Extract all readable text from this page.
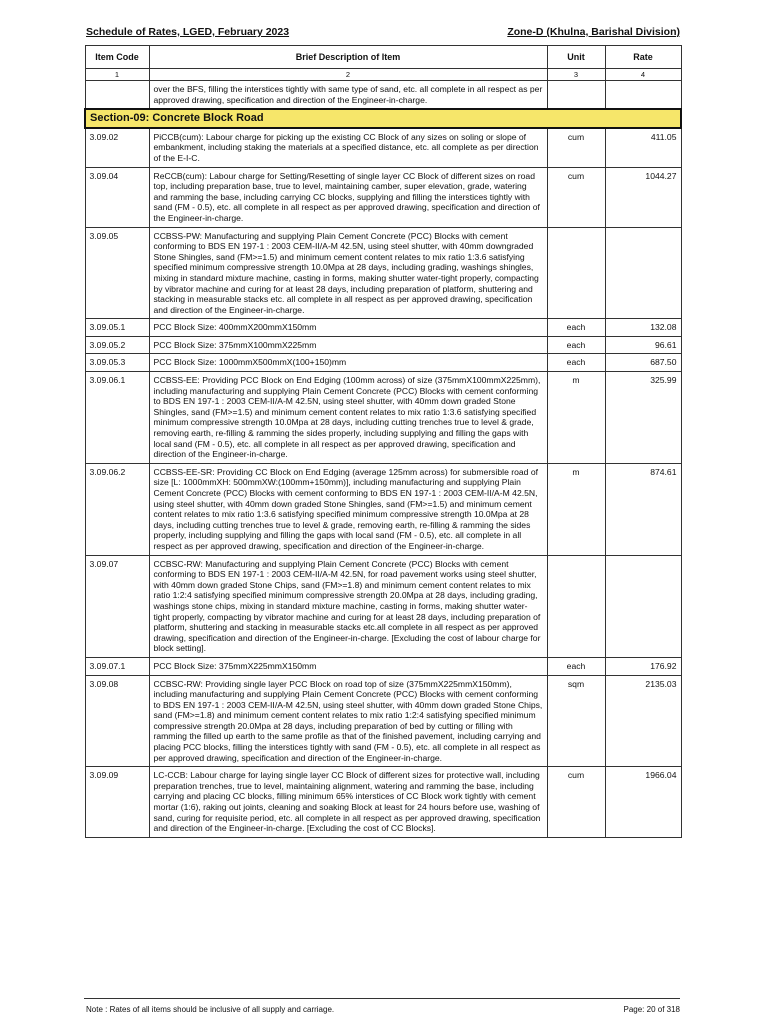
Schedule of Rates, LGED, February 2023	Zone-D (Khulna, Barishal Division)
Item Code	Brief Description of Item	Unit	Rate
1	2	3	4
	over the BFS, filling the interstices tightly with same type of sand, etc. all complete in all respect as per approved drawing, specification and direction of the Engineer-in-charge.		
Section-09: Concrete Block Road			
3.09.02	PiCCB(cum): Labour charge for picking up the existing CC Block of any sizes on soling or slope of embankment, including staking the materials at a specified distance, etc. all complete as per direction of the E-I-C.	cum	411.05
3.09.04	ReCCB(cum): Labour charge for Setting/Resetting of single layer CC Block of different sizes on road top, including preparation base, true to level, maintaining camber, super elevation, grade, watering and ramming the base, including carrying CC blocks, supplying and filling the interstices tightly with sand (FM - 0.5), etc. all complete in all respect as per approved drawing, specification and direction of the Engineer-in-charge.	cum	1044.27
3.09.05	CCBSS-PW: Manufacturing and supplying Plain Cement Concrete (PCC) Blocks with cement conforming to BDS EN 197-1 : 2003 CEM-II/A-M 42.5N, using steel shutter, with 40mm downgraded Stone Shingles, sand (FM>=1.5) and minimum cement content relates to mix ratio 1:3.6 satisfying specified minimum compressive strength 10.0Mpa at 28 days, including grading, washings shingles, mixing in standard mixture machine, casting in forms, making shutter water-tight properly, compacting by vibrator machine and curing for at least 28 days, including preparation of platform, shuttering and stacking in measurable stacks etc. all complete in all respect as per approved drawing, specification and direction of the Engineer-in-charge.		
3.09.05.1	PCC Block Size: 400mmX200mmX150mm	each	132.08
3.09.05.2	PCC Block Size: 375mmX100mmX225mm	each	96.61
3.09.05.3	PCC Block Size: 1000mmX500mmX(100+150)mm	each	687.50
3.09.06.1	CCBSS-EE: Providing PCC Block on End Edging (100mm across) of size (375mmX100mmX225mm), including manufacturing and supplying Plain Cement Concrete (PCC) Blocks with cement conforming to BDS EN 197-1 : 2003 CEM-II/A-M 42.5N, using steel shutter, with 40mm down graded Stone Shingles, sand (FM>=1.5) and minimum cement content relates to mix ratio 1:3.6 satisfying specified minimum compressive strength 10.0Mpa at 28 days, including cutting trenches true to level & grade, removing earth, re-filling & ramming the sides properly, including supplying and filling the gaps with local sand (FM - 0.5), etc. all complete in all respect as per approved drawing, specification and direction of the Engineer-in-charge.	m	325.99
3.09.06.2	CCBSS-EE-SR: Providing CC Block on End Edging (average 125mm across) for submersible road of size [L: 1000mmXH: 500mmXW:(100mm+150mm)], including manufacturing and supplying Plain Cement Concrete (PCC) Blocks with cement conforming to BDS EN 197-1 : 2003 CEM-II/A-M 42.5N, using steel shutter, with 40mm down graded Stone Shingles, sand (FM>=1.5) and minimum cement content relates to mix ratio 1:3.6 satisfying specified minimum compressive strength 10.0Mpa at 28 days, including cutting trenches true to level & grade, removing earth, re-filling & ramming the sides properly, including supplying and filling the gaps with local sand (FM - 0.5), etc. all complete in all respect as per approved drawing, specification and direction of the Engineer-in-charge.	m	874.61
3.09.07	CCBSC-RW: Manufacturing and supplying Plain Cement Concrete (PCC) Blocks with cement conforming to BDS EN 197-1 : 2003 CEM-II/A-M 42.5N, for road pavement works using steel shutter, with 40mm down graded Stone Chips, sand (FM>=1.8) and minimum cement content relates to mix ratio 1:2:4 satisfying specified minimum compressive strength 20.0Mpa at 28 days, including grading, washings stone chips, mixing in standard mixture machine, casting in forms, making shutter water-tight properly, compacting by vibrator machine and curing for at least 28 days, including preparation of platform, shuttering and stacking in measurable stacks etc.all complete in all respect as per approved drawing, specification and direction of the Engineer-in-charge. [Excluding the cost of labour charge for block setting].		
3.09.07.1	PCC Block Size: 375mmX225mmX150mm	each	176.92
3.09.08	CCBSC-RW: Providing single layer PCC Block on road top of size (375mmX225mmX150mm), including manufacturing and supplying Plain Cement Concrete (PCC) Blocks with cement conforming to BDS EN 197-1 : 2003 CEM-II/A-M 42.5N, using steel shutter, with 40mm down graded Stone Chips, sand (FM>=1.8) and minimum cement content relates to mix ratio 1:2:4 satisfying specified minimum compressive strength 20.0Mpa at 28 days, including preparation of bed by cutting or filling with ramming the filled up earth to the same profile as that of the finished pavement, including carrying and placing PCC blocks, filling the interstices tightly with sand (FM - 0.5), etc. all complete in all respect as per approved drawing, specification and direction of the Engineer-in-charge.	sqm	2135.03
3.09.09	LC-CCB: Labour charge for laying single layer CC Block of different sizes for protective wall, including preparation trenches, true to level, maintaining alignment, watering and ramming the base, including carrying and placing CC blocks, filling minimum 65% interstices of CC Block work tightly with cement mortar (1:6), raking out joints, cleaning and soaking Block at least for 24 hours before use, washing of sand, curing for requisite period, etc. all complete in all respect as per approved drawing, specification and direction of the Engineer-in-charge. [Excluding the cost of CC Blocks].	cum	1966.04
Note : Rates of all items should be inclusive of all supply and carriage.	Page: 20 of 318
